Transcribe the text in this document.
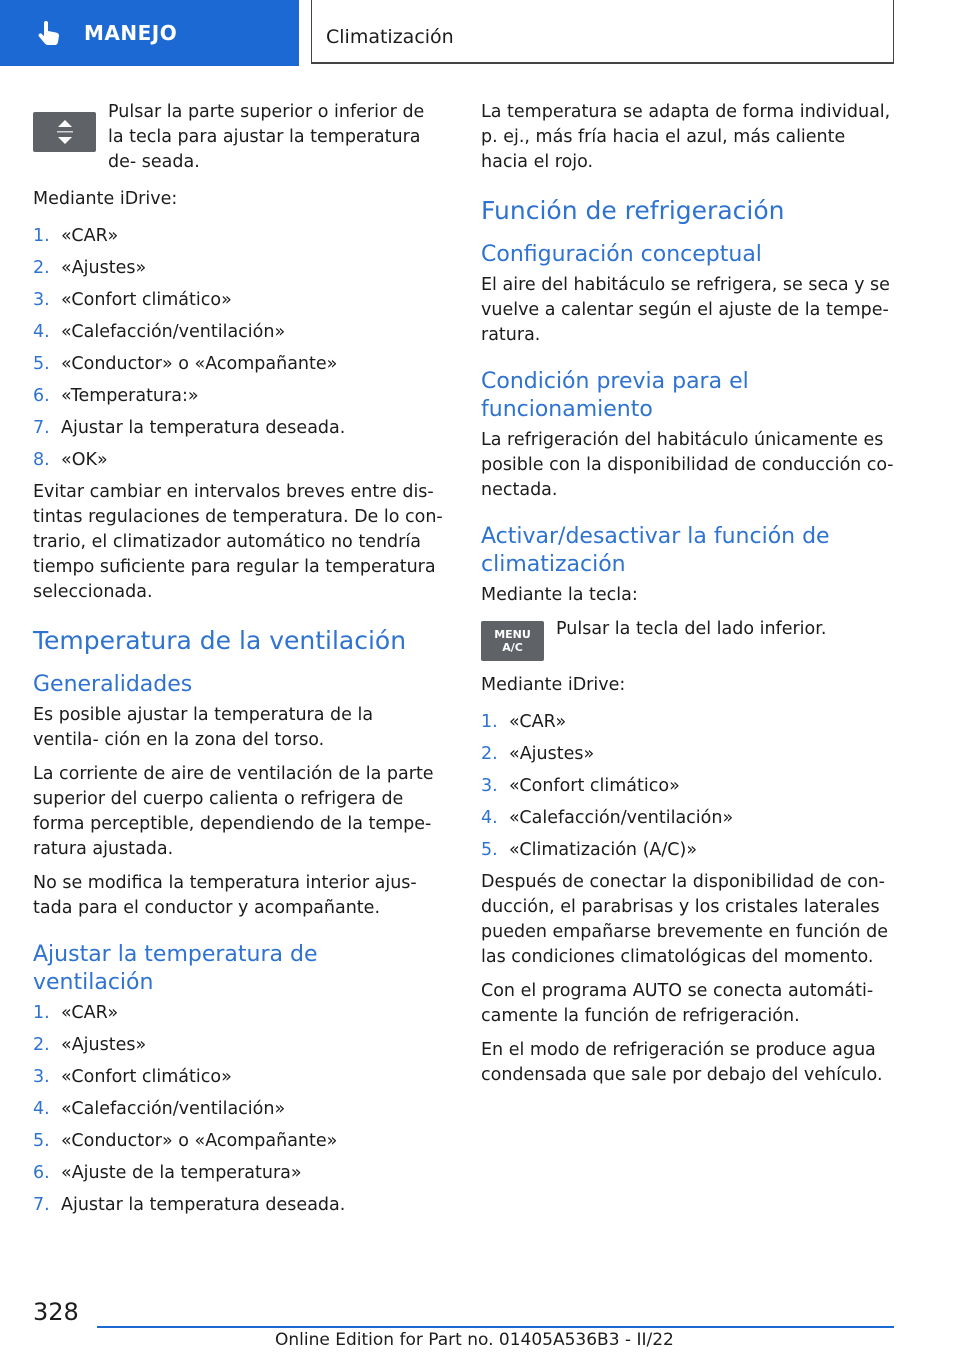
MANEJO	Climatización

Pulsar la parte superior o inferior de la tecla para ajustar la temperatura de‐ seada.

Mediante iDrive:

1. «CAR»
2. «Ajustes»
3. «Confort climático»
4. «Calefacción/ventilación»
5. «Conductor» o «Acompañante»
6. «Temperatura:»
7. Ajustar la temperatura deseada.
8. «OK»

Evitar cambiar en intervalos breves entre dis‐ tintas regulaciones de temperatura. De lo con‐ trario, el climatizador automático no tendría tiempo suficiente para regular la temperatura seleccionada.

Temperatura de la ventilación
Generalidades

Es posible ajustar la temperatura de la ventila‐ ción en la zona del torso.

La corriente de aire de ventilación de la parte superior del cuerpo calienta o refrigera de forma perceptible, dependiendo de la tempe‐ ratura ajustada.

No se modifica la temperatura interior ajus‐ tada para el conductor y acompañante.

Ajustar la temperatura de ventilación
1. «CAR»
2. «Ajustes»
3. «Confort climático»
4. «Calefacción/ventilación»
5. «Conductor» o «Acompañante»
6. «Ajuste de la temperatura»
7. Ajustar la temperatura deseada.

La temperatura se adapta de forma individual, p. ej., más fría hacia el azul, más caliente hacia el rojo.

Función de refrigeración
Configuración conceptual

El aire del habitáculo se refrigera, se seca y se vuelve a calentar según el ajuste de la tempe‐ ratura.

Condición previa para el funcionamiento

La refrigeración del habitáculo únicamente es posible con la disponibilidad de conducción co‐ nectada.

Activar/desactivar la función de climatización

Mediante la tecla:

MENU
A/C

Pulsar la tecla del lado inferior.

Mediante iDrive:

1. «CAR»
2. «Ajustes»
3. «Confort climático»
4. «Calefacción/ventilación»
5. «Climatización (A/C)»

Después de conectar la disponibilidad de con‐ ducción, el parabrisas y los cristales laterales pueden empañarse brevemente en función de las condiciones climatológicas del momento.

Con el programa AUTO se conecta automáti‐ camente la función de refrigeración.

En el modo de refrigeración se produce agua condensada que sale por debajo del vehículo.

328
Online Edition for Part no. 01405A536B3 - II/22
